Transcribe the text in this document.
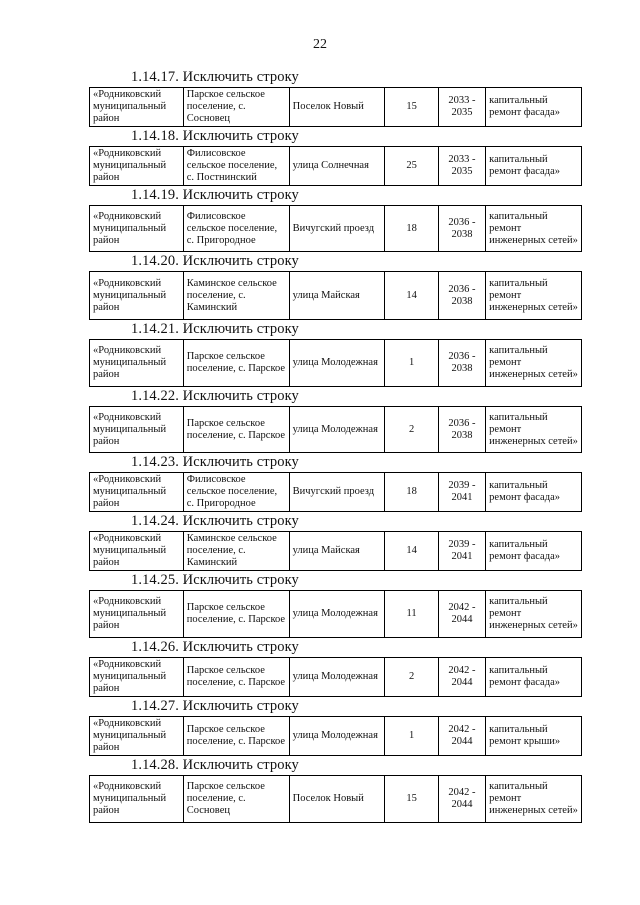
22
1.14.17. Исключить строку
«Родниковский муниципальный район	Парское сельское поселение, с. Сосновец	Поселок Новый	15	2033 - 2035	капитальный ремонт фасада»
1.14.18. Исключить строку
«Родниковский муниципальный район	Филисовское сельское поселение, с. Постнинский	улица Солнечная	25	2033 - 2035	капитальный ремонт фасада»
1.14.19. Исключить строку
«Родниковский муниципальный район	Филисовское сельское поселение, с. Пригородное	Вичугский проезд	18	2036 - 2038	капитальный ремонт инженерных сетей»
1.14.20. Исключить строку
«Родниковский муниципальный район	Каминское сельское поселение, с. Каминский	улица Майская	14	2036 - 2038	капитальный ремонт инженерных сетей»
1.14.21. Исключить строку
«Родниковский муниципальный район	Парское сельское поселение, с. Парское	улица Молодежная	1	2036 - 2038	капитальный ремонт инженерных сетей»
1.14.22. Исключить строку
«Родниковский муниципальный район	Парское сельское поселение, с. Парское	улица Молодежная	2	2036 - 2038	капитальный ремонт инженерных сетей»
1.14.23. Исключить строку
«Родниковский муниципальный район	Филисовское сельское поселение, с. Пригородное	Вичугский проезд	18	2039 - 2041	капитальный ремонт фасада»
1.14.24. Исключить строку
«Родниковский муниципальный район	Каминское сельское поселение, с. Каминский	улица Майская	14	2039 - 2041	капитальный ремонт фасада»
1.14.25. Исключить строку
«Родниковский муниципальный район	Парское сельское поселение, с. Парское	улица Молодежная	11	2042 - 2044	капитальный ремонт инженерных сетей»
1.14.26. Исключить строку
«Родниковский муниципальный район	Парское сельское поселение, с. Парское	улица Молодежная	2	2042 - 2044	капитальный ремонт фасада»
1.14.27. Исключить строку
«Родниковский муниципальный район	Парское сельское поселение, с. Парское	улица Молодежная	1	2042 - 2044	капитальный ремонт крыши»
1.14.28. Исключить строку
«Родниковский муниципальный район	Парское сельское поселение, с. Сосновец	Поселок Новый	15	2042 - 2044	капитальный ремонт инженерных сетей»
